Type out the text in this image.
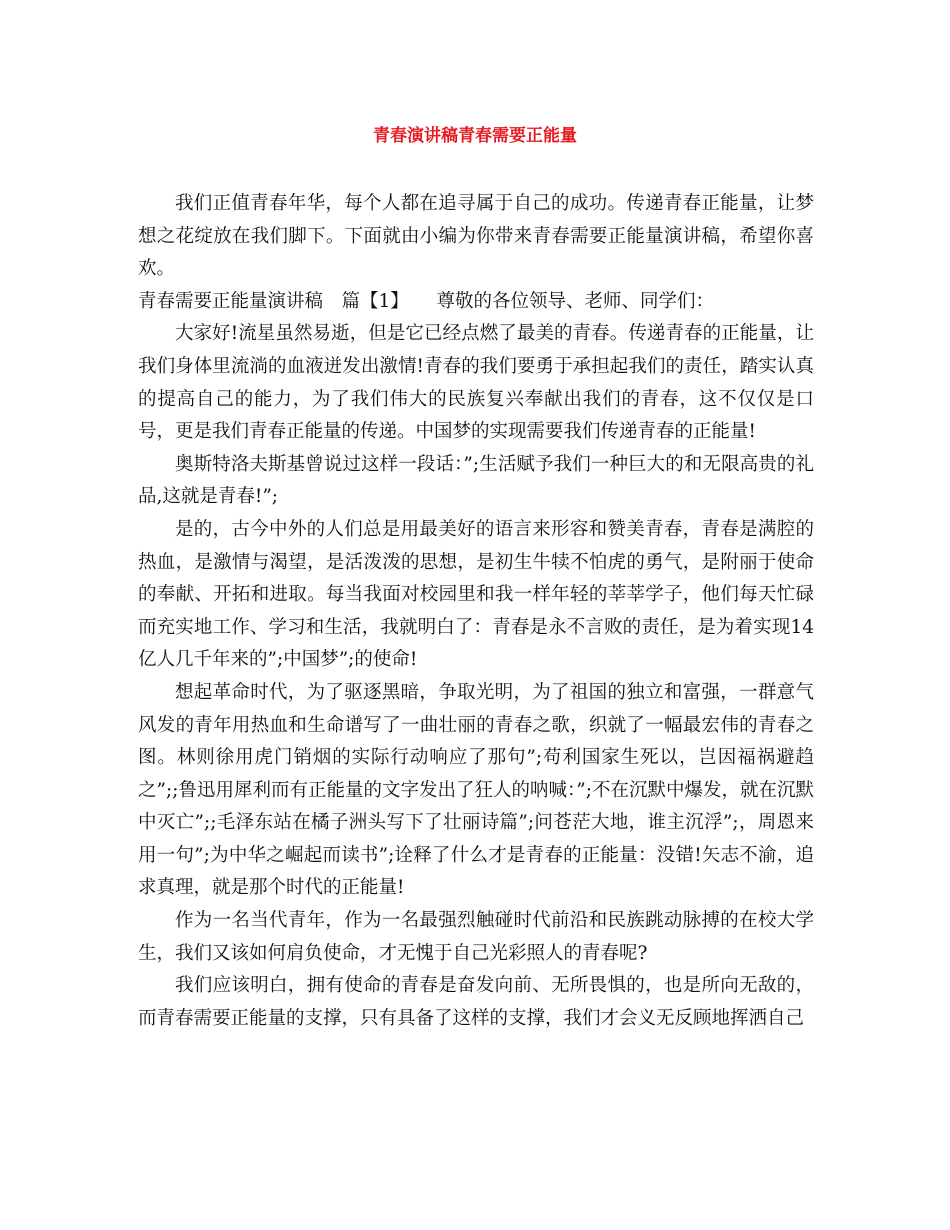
青春演讲稿青春需要正能量

我们正值青春年华，每个人都在追寻属于自己的成功。传递青春正能量，让梦想之花绽放在我们脚下。下面就由小编为你带来青春需要正能量演讲稿，希望你喜欢。

青春需要正能量演讲稿　篇【1】　　尊敬的各位领导、老师、同学们：

大家好!流星虽然易逝，但是它已经点燃了最美的青春。传递青春的正能量，让我们身体里流淌的血液迸发出激情!青春的我们要勇于承担起我们的责任，踏实认真的提高自己的能力，为了我们伟大的民族复兴奉献出我们的青春，这不仅仅是口号，更是我们青春正能量的传递。中国梦的实现需要我们传递青春的正能量!

奥斯特洛夫斯基曾说过这样一段话：”;生活赋予我们一种巨大的和无限高贵的礼品,这就是青春!”;

是的，古今中外的人们总是用最美好的语言来形容和赞美青春，青春是满腔的热血，是激情与渴望，是活泼泼的思想，是初生牛犊不怕虎的勇气，是附丽于使命的奉献、开拓和进取。每当我面对校园里和我一样年轻的莘莘学子，他们每天忙碌而充实地工作、学习和生活，我就明白了：青春是永不言败的责任，是为着实现14亿人几千年来的”;中国梦”;的使命!

想起革命时代，为了驱逐黑暗，争取光明，为了祖国的独立和富强，一群意气风发的青年用热血和生命谱写了一曲壮丽的青春之歌，织就了一幅最宏伟的青春之图。林则徐用虎门销烟的实际行动响应了那句”;苟利国家生死以，岂因福祸避趋之”;;鲁迅用犀利而有正能量的文字发出了狂人的呐喊：”;不在沉默中爆发，就在沉默中灭亡”;;毛泽东站在橘子洲头写下了壮丽诗篇”;问苍茫大地，谁主沉浮”;，周恩来用一句”;为中华之崛起而读书”;诠释了什么才是青春的正能量：没错!矢志不渝，追求真理，就是那个时代的正能量!

作为一名当代青年，作为一名最强烈触碰时代前沿和民族跳动脉搏的在校大学生，我们又该如何肩负使命，才无愧于自己光彩照人的青春呢?

我们应该明白，拥有使命的青春是奋发向前、无所畏惧的，也是所向无敌的，而青春需要正能量的支撑，只有具备了这样的支撑，我们才会义无反顾地挥洒自己
